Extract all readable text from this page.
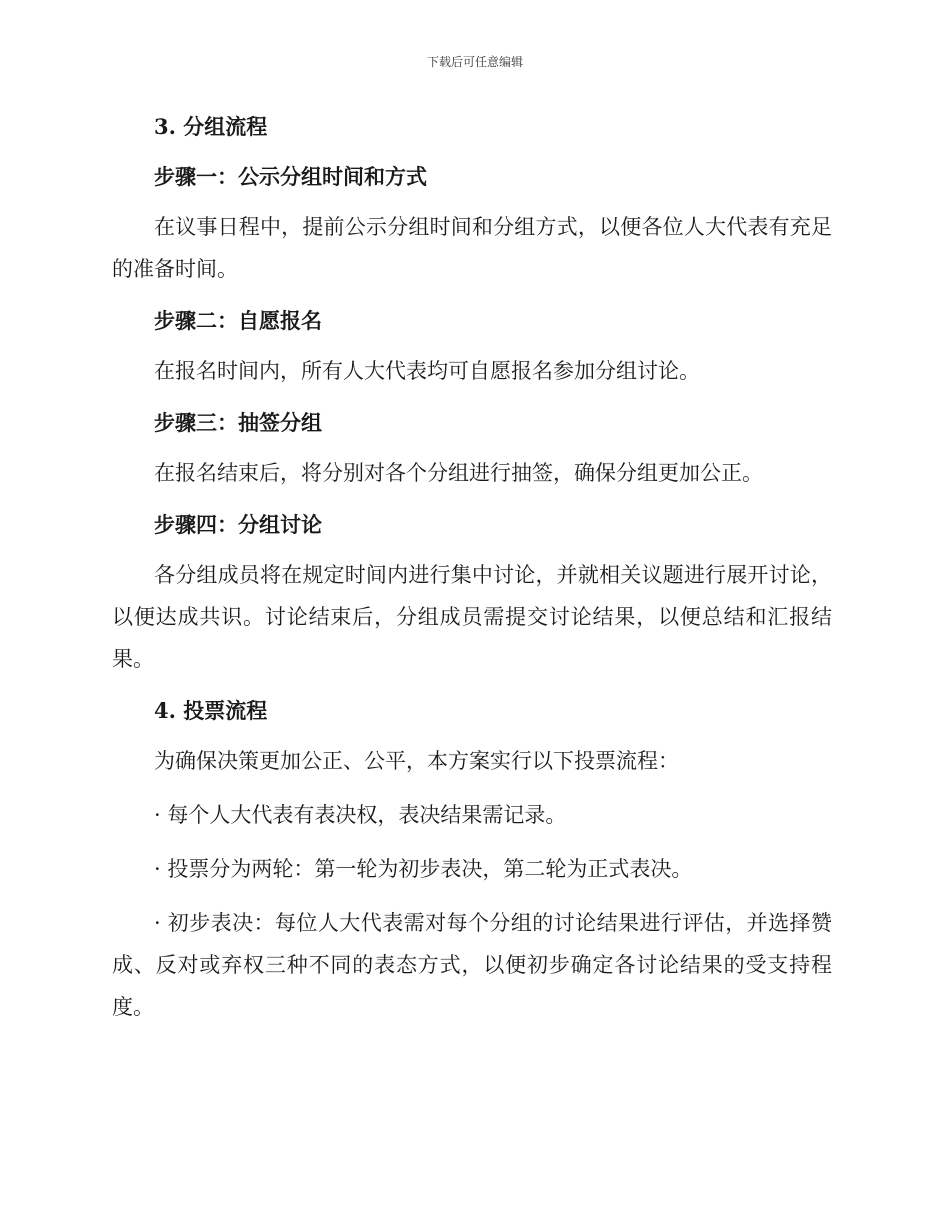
下载后可任意编辑

3. 分组流程

步骤一：公示分组时间和方式

在议事日程中，提前公示分组时间和分组方式，以便各位人大代表有充足的准备时间。

步骤二：自愿报名

在报名时间内，所有人大代表均可自愿报名参加分组讨论。

步骤三：抽签分组

在报名结束后，将分别对各个分组进行抽签，确保分组更加公正。

步骤四：分组讨论

各分组成员将在规定时间内进行集中讨论，并就相关议题进行展开讨论，以便达成共识。讨论结束后，分组成员需提交讨论结果，以便总结和汇报结果。

4. 投票流程

为确保决策更加公正、公平，本方案实行以下投票流程：

· 每个人大代表有表决权，表决结果需记录。

· 投票分为两轮：第一轮为初步表决，第二轮为正式表决。

· 初步表决：每位人大代表需对每个分组的讨论结果进行评估，并选择赞成、反对或弃权三种不同的表态方式，以便初步确定各讨论结果的受支持程度。
